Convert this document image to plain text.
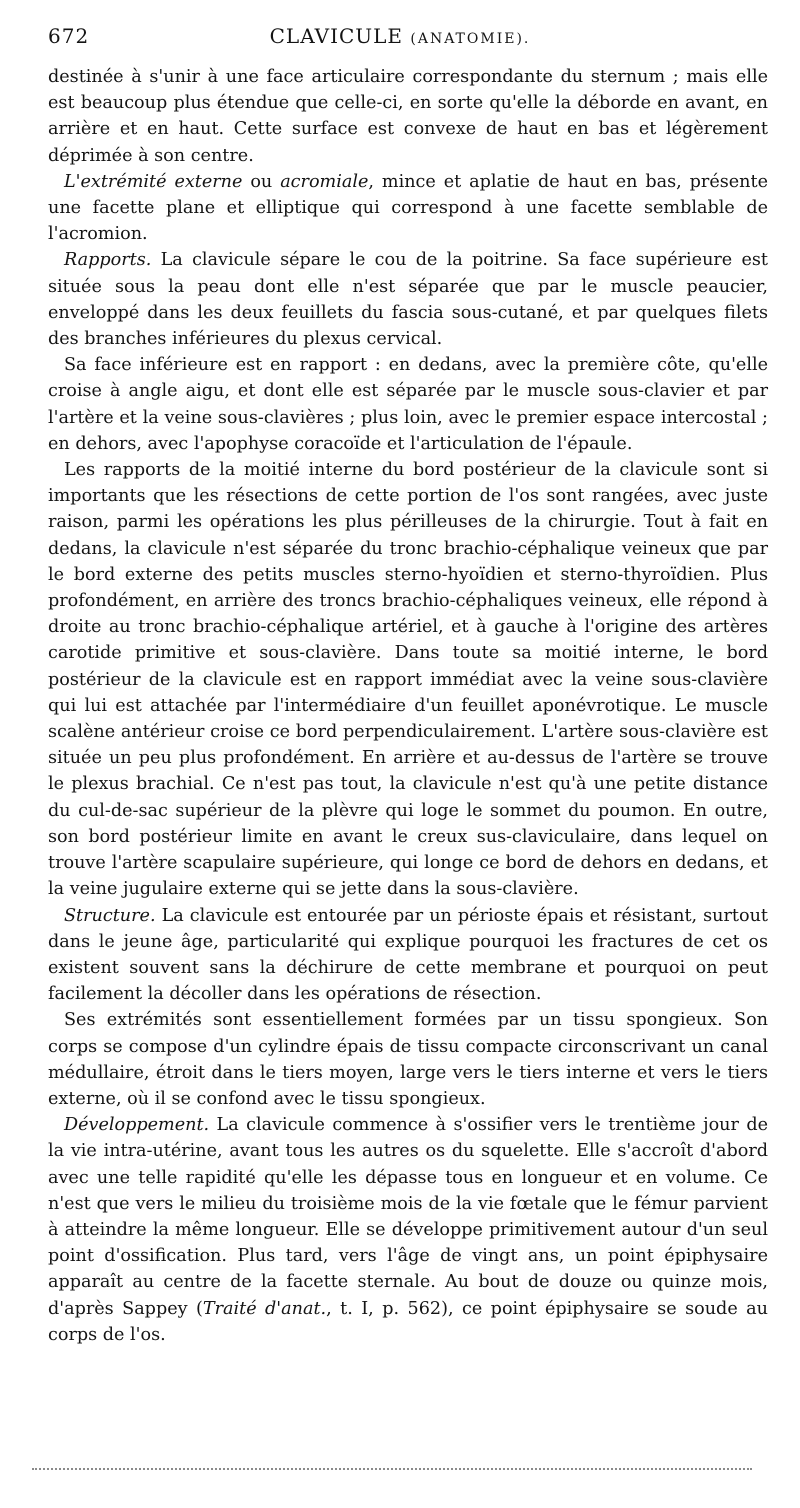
672	CLAVICULE (ANATOMIE).

destinée à s'unir à une face articulaire correspondante du sternum ; mais elle est beaucoup plus étendue que celle-ci, en sorte qu'elle la déborde en avant, en arrière et en haut. Cette surface est convexe de haut en bas et légèrement déprimée à son centre.

L'extrémité externe ou acromiale, mince et aplatie de haut en bas, présente une facette plane et elliptique qui correspond à une facette semblable de l'acromion.

Rapports. La clavicule sépare le cou de la poitrine. Sa face supérieure est située sous la peau dont elle n'est séparée que par le muscle peaucier, enveloppé dans les deux feuillets du fascia sous-cutané, et par quelques filets des branches inférieures du plexus cervical.

Sa face inférieure est en rapport : en dedans, avec la première côte, qu'elle croise à angle aigu, et dont elle est séparée par le muscle sous-clavier et par l'artère et la veine sous-clavières ; plus loin, avec le premier espace intercostal ; en dehors, avec l'apophyse coracoïde et l'articulation de l'épaule.

Les rapports de la moitié interne du bord postérieur de la clavicule sont si importants que les résections de cette portion de l'os sont rangées, avec juste raison, parmi les opérations les plus périlleuses de la chirurgie. Tout à fait en dedans, la clavicule n'est séparée du tronc brachio-céphalique veineux que par le bord externe des petits muscles sterno-hyoïdien et sterno-thyroïdien. Plus profondément, en arrière des troncs brachio-céphaliques veineux, elle répond à droite au tronc brachio-céphalique artériel, et à gauche à l'origine des artères carotide primitive et sous-clavière. Dans toute sa moitié interne, le bord postérieur de la clavicule est en rapport immédiat avec la veine sous-clavière qui lui est attachée par l'intermédiaire d'un feuillet aponévrotique. Le muscle scalène antérieur croise ce bord perpendiculairement. L'artère sous-clavière est située un peu plus profondément. En arrière et au-dessus de l'artère se trouve le plexus brachial. Ce n'est pas tout, la clavicule n'est qu'à une petite distance du cul-de-sac supérieur de la plèvre qui loge le sommet du poumon. En outre, son bord postérieur limite en avant le creux sus-claviculaire, dans lequel on trouve l'artère scapulaire supérieure, qui longe ce bord de dehors en dedans, et la veine jugulaire externe qui se jette dans la sous-clavière.

Structure. La clavicule est entourée par un périoste épais et résistant, surtout dans le jeune âge, particularité qui explique pourquoi les fractures de cet os existent souvent sans la déchirure de cette membrane et pourquoi on peut facilement la décoller dans les opérations de résection.

Ses extrémités sont essentiellement formées par un tissu spongieux. Son corps se compose d'un cylindre épais de tissu compacte circonscrivant un canal médullaire, étroit dans le tiers moyen, large vers le tiers interne et vers le tiers externe, où il se confond avec le tissu spongieux.

Développement. La clavicule commence à s'ossifier vers le trentième jour de la vie intra-utérine, avant tous les autres os du squelette. Elle s'accroît d'abord avec une telle rapidité qu'elle les dépasse tous en longueur et en volume. Ce n'est que vers le milieu du troisième mois de la vie fœtale que le fémur parvient à atteindre la même longueur. Elle se développe primitivement autour d'un seul point d'ossification. Plus tard, vers l'âge de vingt ans, un point épiphysaire apparaît au centre de la facette sternale. Au bout de douze ou quinze mois, d'après Sappey (Traité d'anat., t. I, p. 562), ce point épiphysaire se soude au corps de l'os.
